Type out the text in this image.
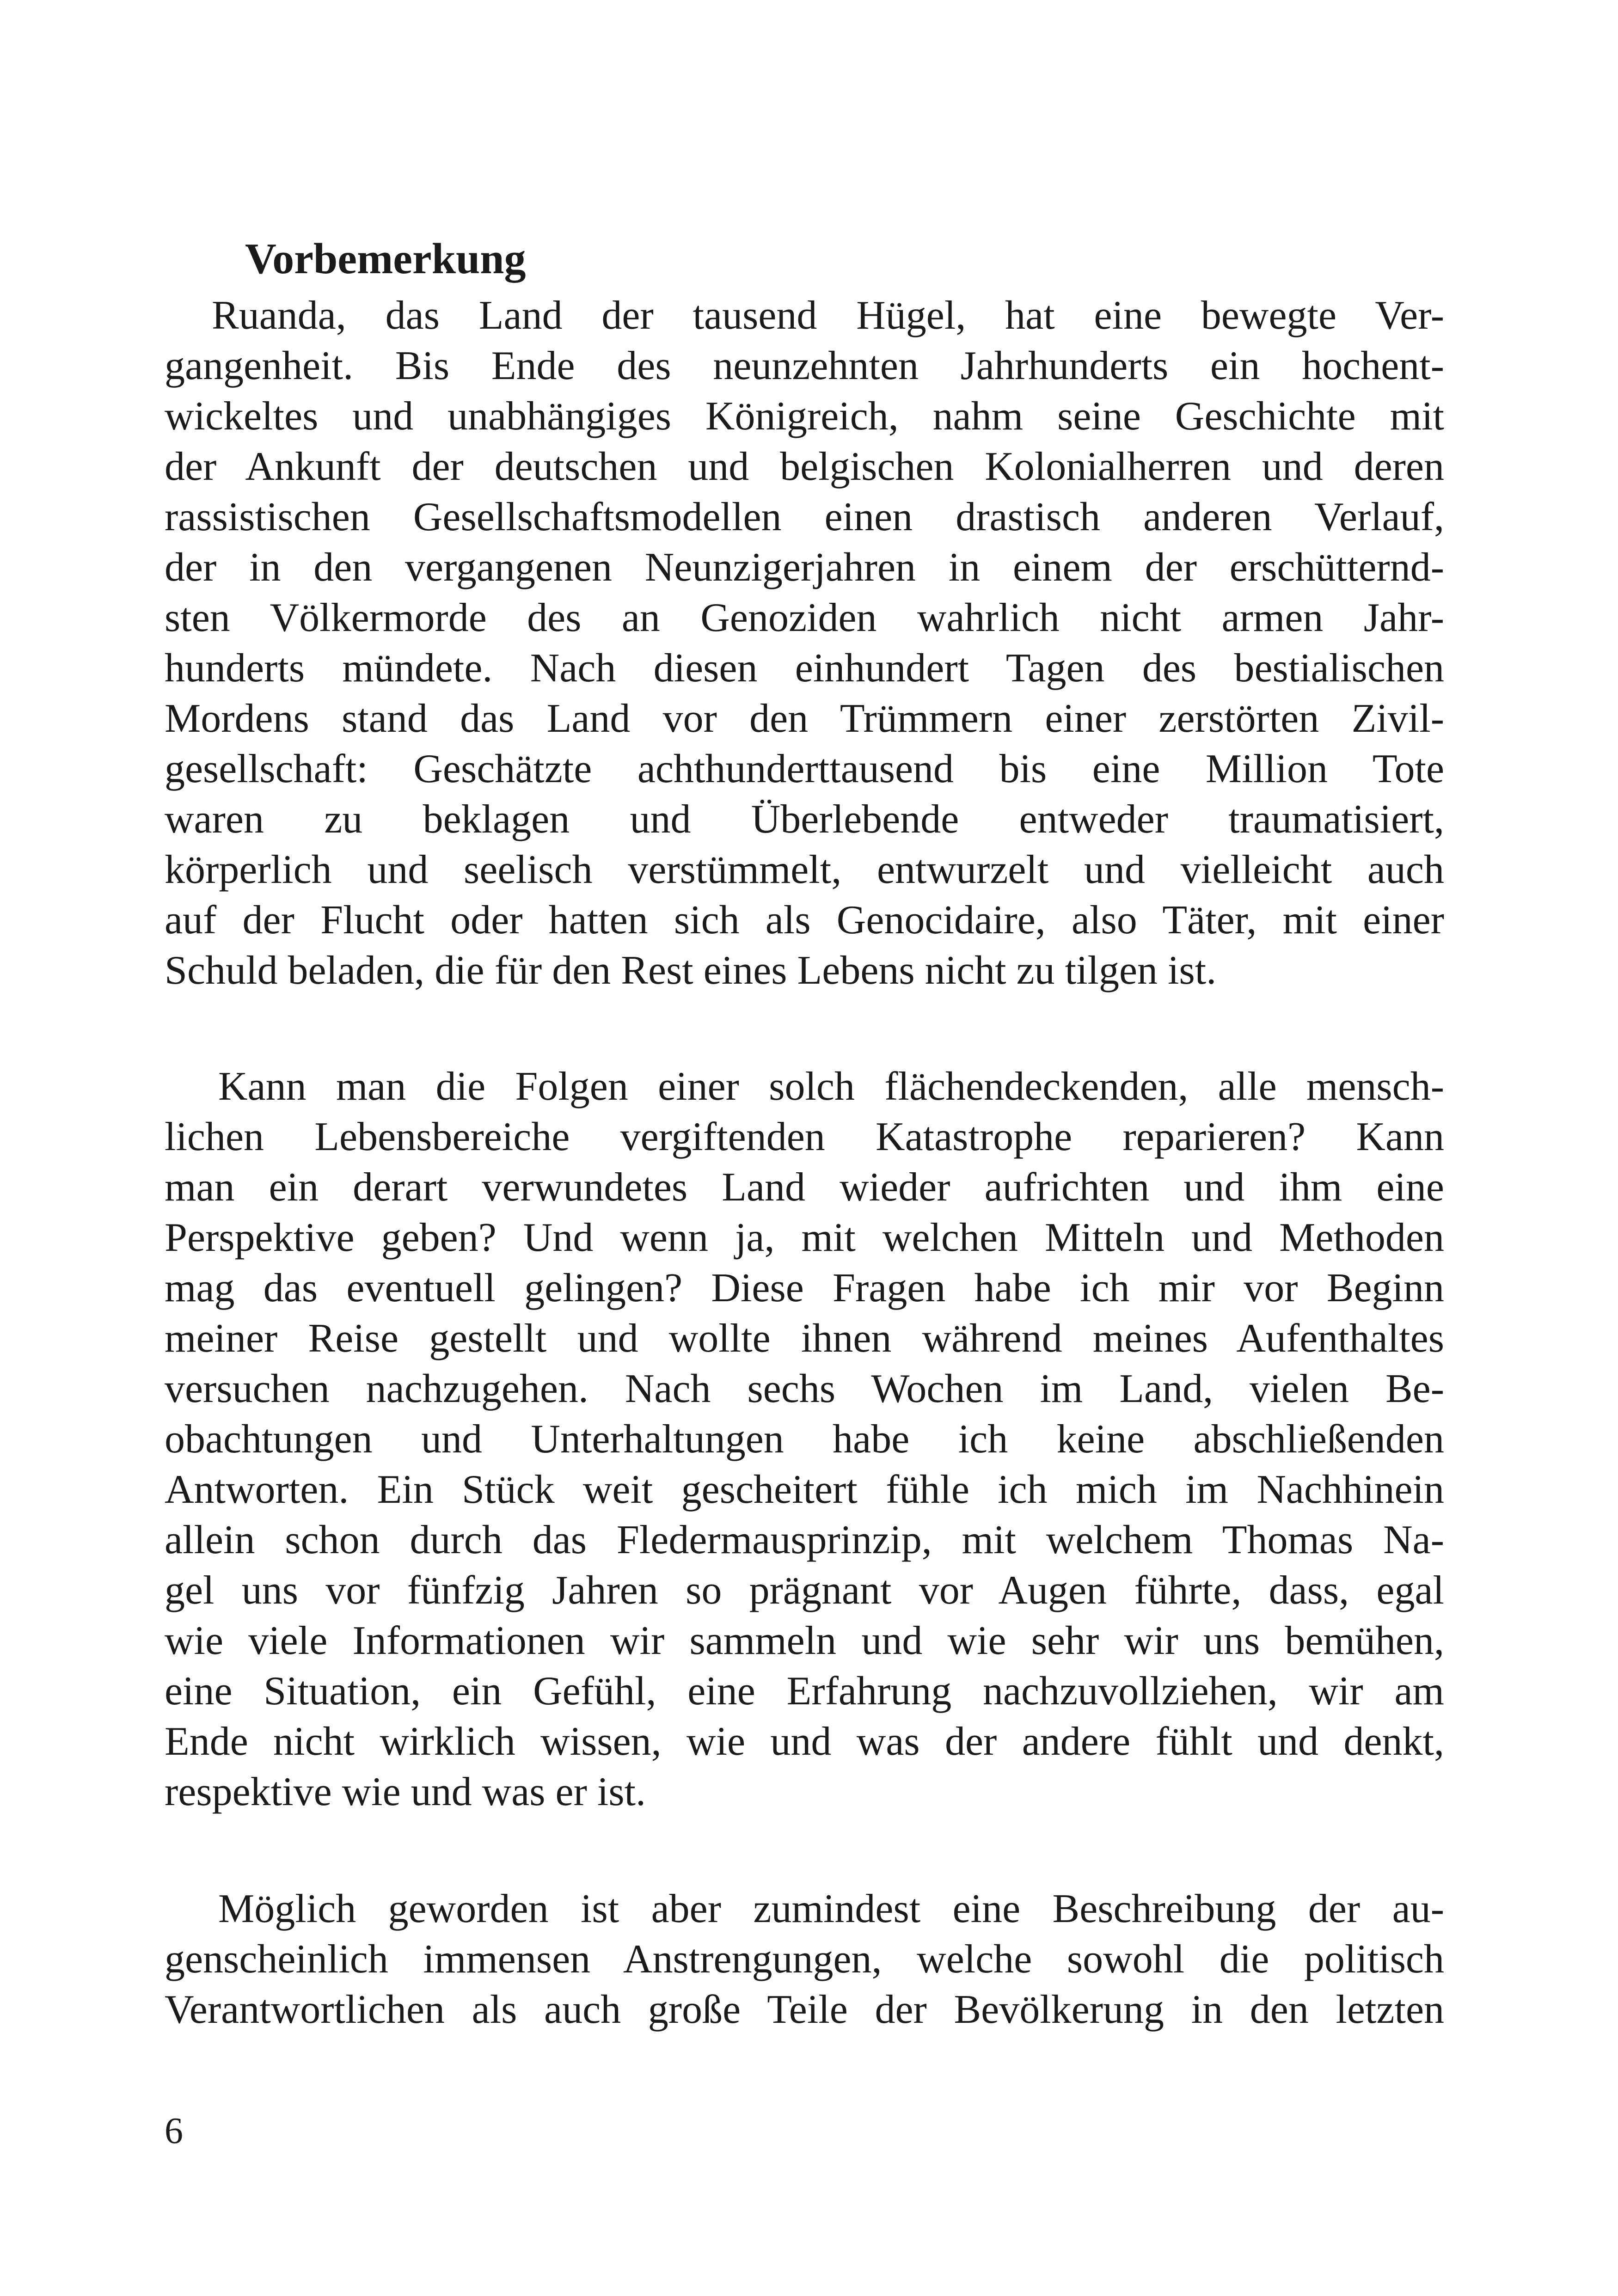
Vorbemerkung
Ruanda, das Land der tausend Hügel, hat eine bewegte Ver-
gangenheit. Bis Ende des neunzehnten Jahrhunderts ein hochent-
wickeltes und unabhängiges Königreich, nahm seine Geschichte mit
der Ankunft der deutschen und belgischen Kolonialherren und deren
rassistischen Gesellschaftsmodellen einen drastisch anderen Verlauf,
der in den vergangenen Neunzigerjahren in einem der erschütternd-
sten Völkermorde des an Genoziden wahrlich nicht armen Jahr-
hunderts mündete. Nach diesen einhundert Tagen des bestialischen
Mordens stand das Land vor den Trümmern einer zerstörten Zivil-
gesellschaft: Geschätzte achthunderttausend bis eine Million Tote
waren zu beklagen und Überlebende entweder traumatisiert,
körperlich und seelisch verstümmelt, entwurzelt und vielleicht auch
auf der Flucht oder hatten sich als Genocidaire, also Täter, mit einer
Schuld beladen, die für den Rest eines Lebens nicht zu tilgen ist.
Kann man die Folgen einer solch flächendeckenden, alle mensch-
lichen Lebensbereiche vergiftenden Katastrophe reparieren? Kann
man ein derart verwundetes Land wieder aufrichten und ihm eine
Perspektive geben? Und wenn ja, mit welchen Mitteln und Methoden
mag das eventuell gelingen? Diese Fragen habe ich mir vor Beginn
meiner Reise gestellt und wollte ihnen während meines Aufenthaltes
versuchen nachzugehen. Nach sechs Wochen im Land, vielen Be-
obachtungen und Unterhaltungen habe ich keine abschließenden
Antworten. Ein Stück weit gescheitert fühle ich mich im Nachhinein
allein schon durch das Fledermausprinzip, mit welchem Thomas Na-
gel uns vor fünfzig Jahren so prägnant vor Augen führte, dass, egal
wie viele Informationen wir sammeln und wie sehr wir uns bemühen,
eine Situation, ein Gefühl, eine Erfahrung nachzuvollziehen, wir am
Ende nicht wirklich wissen, wie und was der andere fühlt und denkt,
respektive wie und was er ist.
Möglich geworden ist aber zumindest eine Beschreibung der au-
genscheinlich immensen Anstrengungen, welche sowohl die politisch
Verantwortlichen als auch große Teile der Bevölkerung in den letzten
6
